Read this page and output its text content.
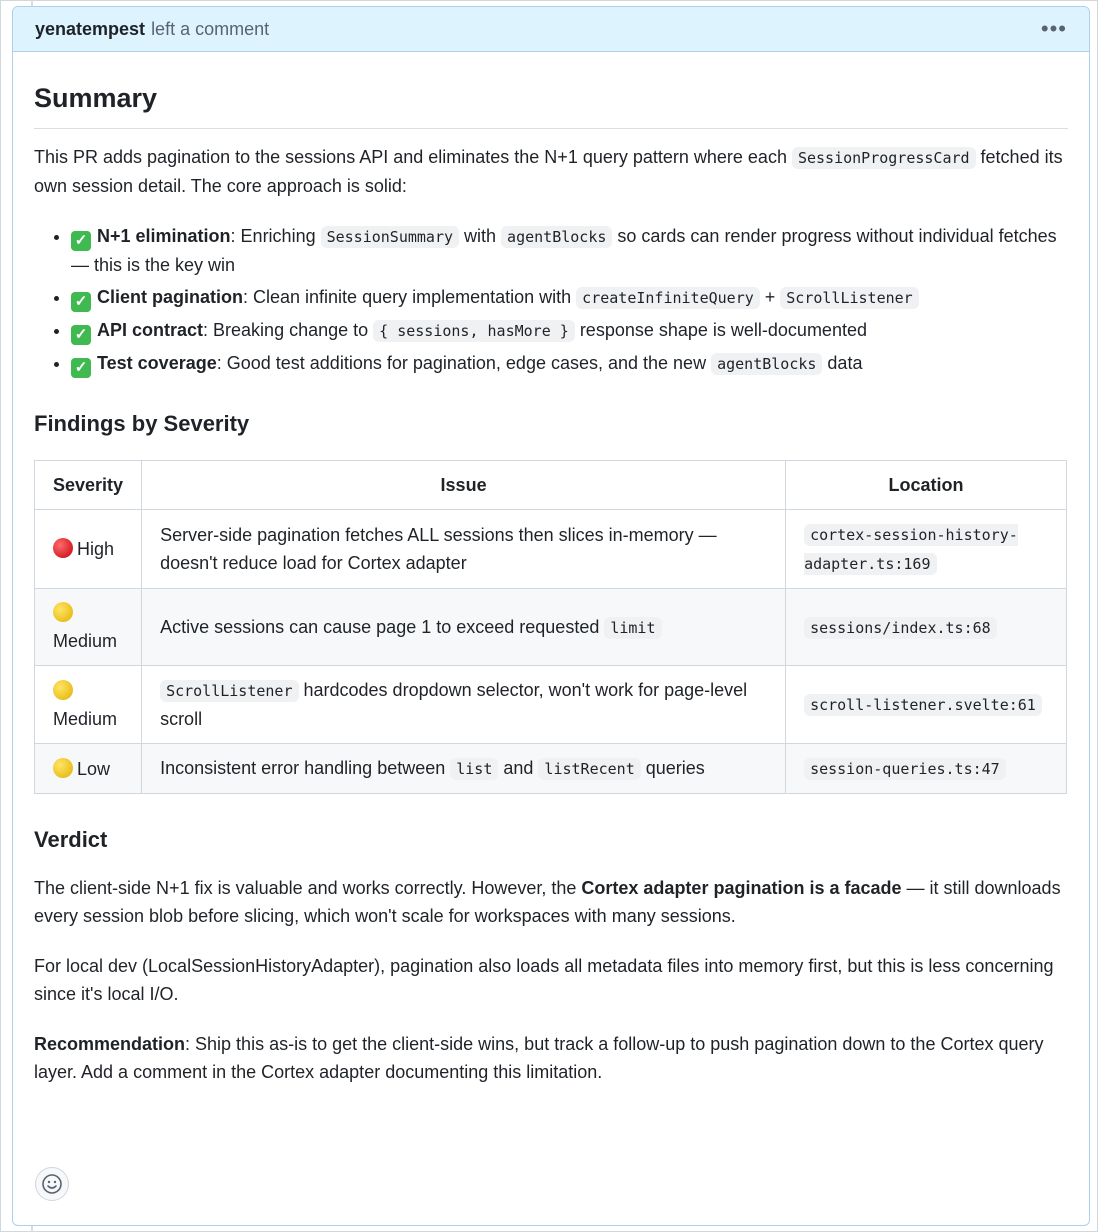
yenatempest left a comment	•••
Summary

This PR adds pagination to the sessions API and eliminates the N+1 query pattern where each SessionProgressCard fetched its own session detail. The core approach is solid:

• ✓ N+1 elimination: Enriching SessionSummary with agentBlocks so cards can render progress without individual fetches — this is the key win
• ✓ Client pagination: Clean infinite query implementation with createInfiniteQuery + ScrollListener
• ✓ API contract: Breaking change to { sessions, hasMore } response shape is well-documented
• ✓ Test coverage: Good test additions for pagination, edge cases, and the new agentBlocks data
Findings by Severity
Severity	Issue	Location
High	Server-side pagination fetches ALL sessions then slices in-memory — doesn't reduce load for Cortex adapter	cortex-session-history-adapter.ts:169

Medium	Active sessions can cause page 1 to exceed requested limit	sessions/index.ts:68

Medium	ScrollListener hardcodes dropdown selector, won't work for page-level scroll	scroll-listener.svelte:61
Low	Inconsistent error handling between list and listRecent queries	session-queries.ts:47
Verdict

The client-side N+1 fix is valuable and works correctly. However, the Cortex adapter pagination is a facade — it still downloads every session blob before slicing, which won't scale for workspaces with many sessions.

For local dev (LocalSessionHistoryAdapter), pagination also loads all metadata files into memory first, but this is less concerning since it's local I/O.

Recommendation: Ship this as-is to get the client-side wins, but track a follow-up to push pagination down to the Cortex query layer. Add a comment in the Cortex adapter documenting this limitation.
